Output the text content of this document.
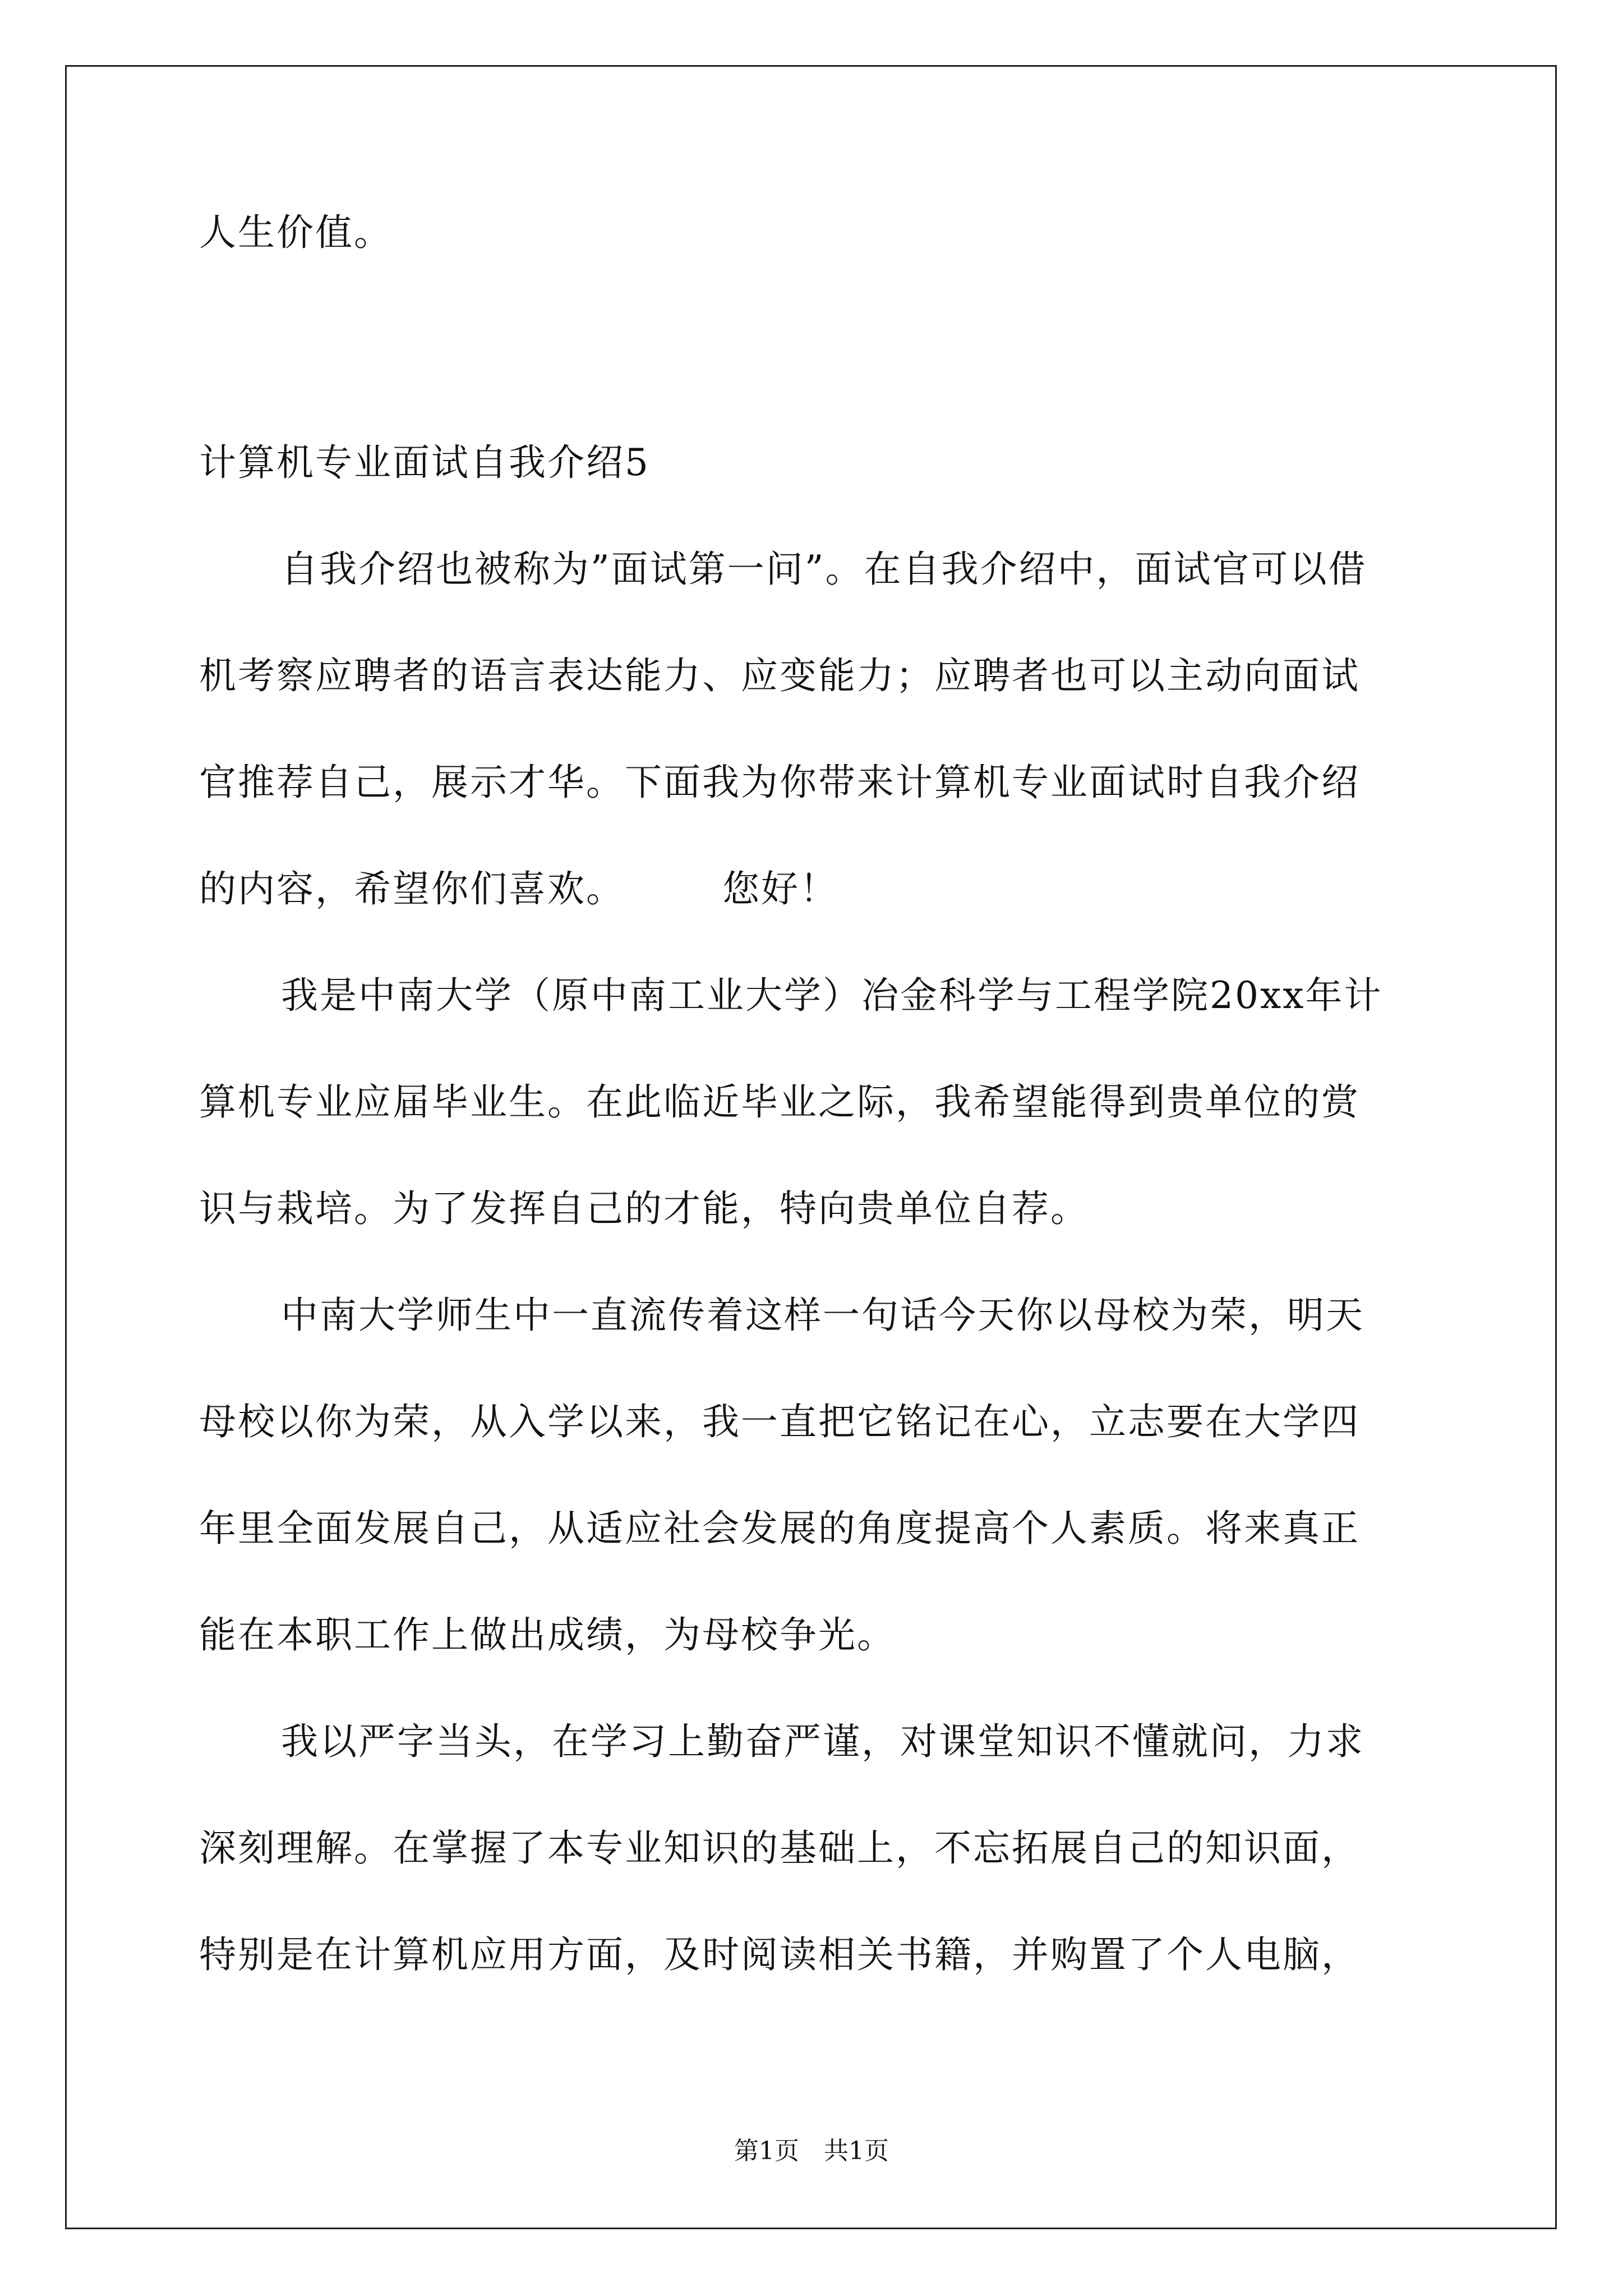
人生价值。
计算机专业面试自我介绍5
自我介绍也被称为”面试第一问”。在自我介绍中，面试官可以借
机考察应聘者的语言表达能力、应变能力；应聘者也可以主动向面试
官推荐自己，展示才华。下面我为你带来计算机专业面试时自我介绍
的内容，希望你们喜欢。　　　您好！
我是中南大学（原中南工业大学）冶金科学与工程学院20xx年计
算机专业应届毕业生。在此临近毕业之际，我希望能得到贵单位的赏
识与栽培。为了发挥自己的才能，特向贵单位自荐。
中南大学师生中一直流传着这样一句话今天你以母校为荣，明天
母校以你为荣，从入学以来，我一直把它铭记在心，立志要在大学四
年里全面发展自己，从适应社会发展的角度提高个人素质。将来真正
能在本职工作上做出成绩，为母校争光。
我以严字当头，在学习上勤奋严谨，对课堂知识不懂就问，力求
深刻理解。在掌握了本专业知识的基础上，不忘拓展自己的知识面，
特别是在计算机应用方面，及时阅读相关书籍，并购置了个人电脑，
第1页　共1页
